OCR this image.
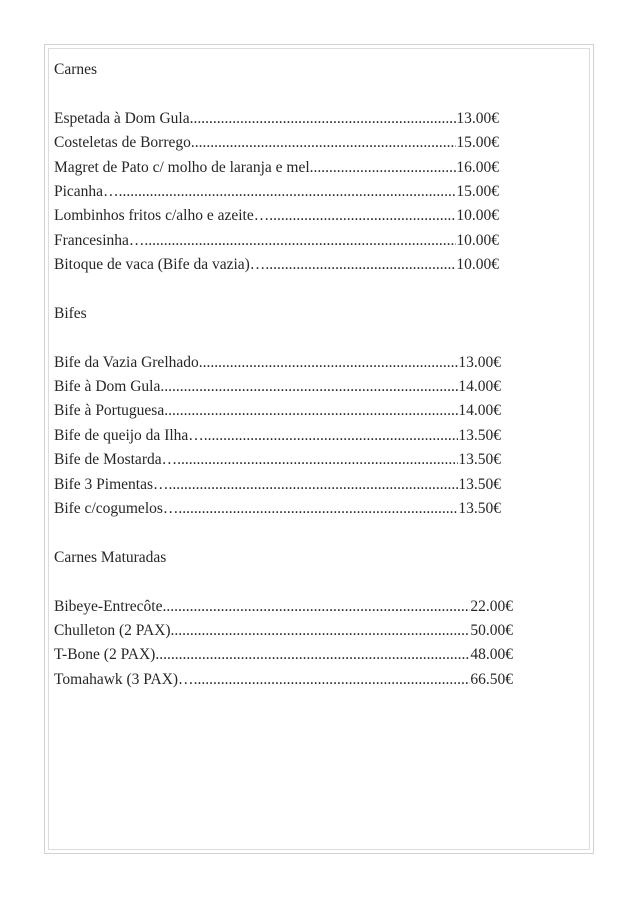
Carnes
Espetada à Dom Gula .....	13.00€
Costeletas de Borrego .....	15.00€
Magret de Pato c/ molho de laranja e mel .....	16.00€
Picanha… .....	15.00€
Lombinhos fritos c/alho e azeite… .....	10.00€
Francesinha… .....	10.00€
Bitoque de vaca (Bife da vazia)… .....	10.00€
Bifes
Bife da Vazia Grelhado .....	13.00€
Bife à Dom Gula .....	14.00€
Bife à Portuguesa .....	14.00€
Bife de queijo da Ilha… .....	13.50€
Bife de Mostarda… .....	13.50€
Bife 3 Pimentas… .....	13.50€
Bife c/cogumelos… .....	13.50€
Carnes Maturadas
Bibeye-Entrecôte .....	22.00€
Chulleton (2 PAX) .....	50.00€
T-Bone (2 PAX) .....	48.00€
Tomahawk (3 PAX)… .....	66.50€
